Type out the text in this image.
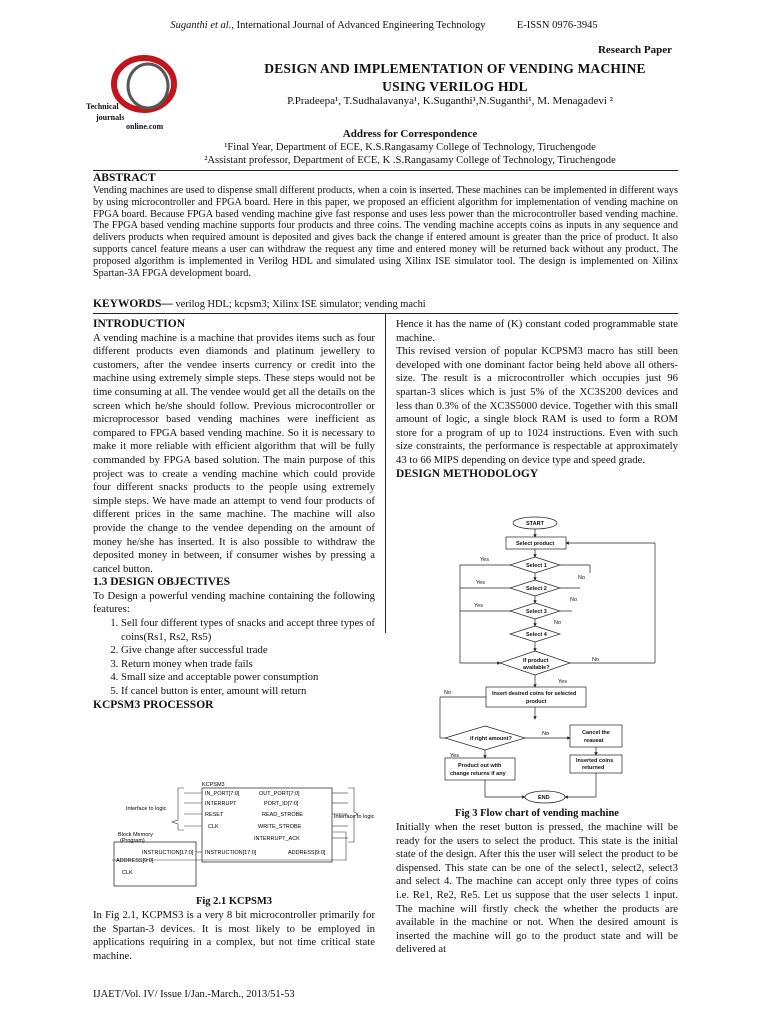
Suganthi et al., International Journal of Advanced Engineering Technology	E-ISSN 0976-3945
Research Paper
Technical
journals
online.com
DESIGN AND IMPLEMENTATION OF VENDING MACHINE
USING VERILOG HDL
P.Pradeepa¹, T.Sudhalavanya¹, K.Suganthi¹,N.Suganthi¹, M. Menagadevi ²
Address for Correspondence
¹Final Year, Department of ECE, K.S.Rangasamy College of Technology, Tiruchengode
²Assistant professor, Department of ECE, K .S.Rangasamy College of Technology, Tiruchengode
ABSTRACT
Vending machines are used to dispense small different products, when a coin is inserted. These machines can be implemented in different ways by using microcontroller and FPGA board. Here in this paper, we proposed an efficient algorithm for implementation of vending machine on FPGA board. Because FPGA based vending machine give fast response and uses less power than the microcontroller based vending machine. The FPGA based vending machine supports four products and three coins. The vending machine accepts coins as inputs in any sequence and delivers products when required amount is deposited and gives back the change if entered amount is greater than the price of product. It also supports cancel feature means a user can withdraw the request any time and entered money will be returned back without any product. The proposed algorithm is implemented in Verilog HDL and simulated using Xilinx ISE simulator tool. The design is implemented on Xilinx Spartan-3A FPGA development board.
KEYWORDS— verilog HDL; kcpsm3; Xilinx ISE simulator; vending machi
INTRODUCTION

A vending machine is a machine that provides items such as four different products even diamonds and platinum jewellery to customers, after the vendee inserts currency or credit into the machine using extremely simple steps. These steps would not be time consuming at all. The vendee would get all the details on the screen which he/she should follow. Previous microcontroller or microprocessor based vending machines were inefficient as compared to FPGA based vending machine. So it is necessary to make it more reliable with efficient algorithm that will be fully commanded by FPGA based solution. The main purpose of this project was to create a vending machine which could provide four different snacks products to the people using extremely simple steps. We have made an attempt to vend four products of different prices in the same machine. The machine will also provide the change to the vendee depending on the amount of money he/she has inserted. It is also possible to withdraw the deposited money in between, if consumer wishes by pressing a cancel button.

1.3 DESIGN OBJECTIVES

To Design a powerful vending machine containing the following features:

1. Sell four different types of snacks and accept three types of coins(Rs1, Rs2, Rs5)
2. Give change after successful trade
3. Return money when trade fails
4. Small size and acceptable power consumption
5. If cancel button is enter, amount will return
KCPSM3 PROCESSOR
KCPSM3
IN_PORT[7:0]
INTERRUPT
RESET
CLK
OUT_PORT[7:0]
PORT_ID[7:0]
READ_STROBE
WRITE_STROBE
INTERRUPT_ACK
INSTRUCTION[17:0]	ADDRESS[9:0]
Interface to logic
Interface to logic
Block Memory
(Program)
INSTRUCTION[17:0]
ADDRESS[9:0]
CLK
Fig 2.1 KCPSM3
In Fig 2.1, KCPMS3 is a very 8 bit microcontroller primarily for the Spartan-3 devices. It is most likely to be employed in applications requiring in a complex, but not time critical state machine.

Hence it has the name of (K) constant coded programmable state machine.

This revised version of popular KCPSM3 macro has still been developed with one dominant factor being held above all others-size. The result is a microcontroller which occupies just 96 spartan-3 slices which is just 5% of the XC3S200 devices and less than 0.3% of the XC3S5000 device. Together with this small amount of logic, a single block RAM is used to form a ROM store for a program of up to 1024 instructions. Even with such size constraints, the performance is respectable at approximately 43 to 66 MIPS depending on device type and speed grade.

DESIGN METHODOLOGY
START
Select product
Select 1
Select 2
Select 3
Select 4
If product
available?
Insert desired coins for selected
product
if right amount?
Cancel the
reaueat
Inserted coins
returned
Product out with
change returns if any
END
Yes
Yes
Yes
No
No
No
No
Yes
No
No
Yes
Fig 3 Flow chart of vending machine
Initially when the reset button is pressed, the machine will be ready for the users to select the product. This state is the initial state of the design. After this the user will select the product to be dispensed. This state can be one of the select1, select2, select3 and select 4. The machine can accept only three types of coins i.e. Re1, Re2, Re5. Let us suppose that the user selects 1 input. The machine will firstly check the whether the products are available in the machine or not. When the desired amount is inserted the machine will go to the product state and will be delivered at
IJAET/Vol. IV/ Issue I/Jan.-March., 2013/51-53
